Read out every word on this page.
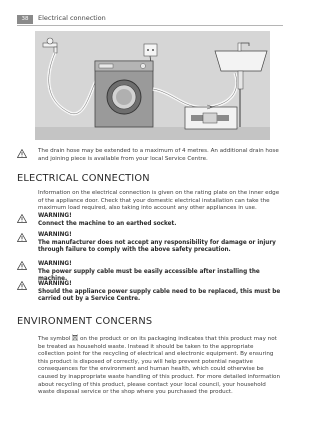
38	Electrical connection

The drain hose may be extended to a maximum of 4 metres. An additional drain hose and joining piece is available from your local Service Centre.

ELECTRICAL CONNECTION

Information on the electrical connection is given on the rating plate on the inner edge of the appliance door. Check that your domestic electrical installation can take the maximum load required, also taking into account any other appliances in use.

WARNING!
Connect the machine to an earthed socket.
WARNING!
The manufacturer does not accept any responsibility for damage or injury through failure to comply with the above safety precaution.
WARNING!
The power supply cable must be easily accessible after installing the machine.
WARNING!
Should the appliance power supply cable need to be replaced, this must be carried out by a Service Centre.
ENVIRONMENT CONCERNS

The symbol on the product or on its packaging indicates that this product may not be treated as household waste. Instead it should be taken to the appropriate collection point for the recycling of electrical and electronic equipment. By ensuring this product is disposed of correctly, you will help prevent potential negative consequences for the environment and human health, which could otherwise be caused by inappropriate waste handling of this product. For more detailed information about recycling of this product, please contact your local council, your household waste disposal service or the shop where you purchased the product.
